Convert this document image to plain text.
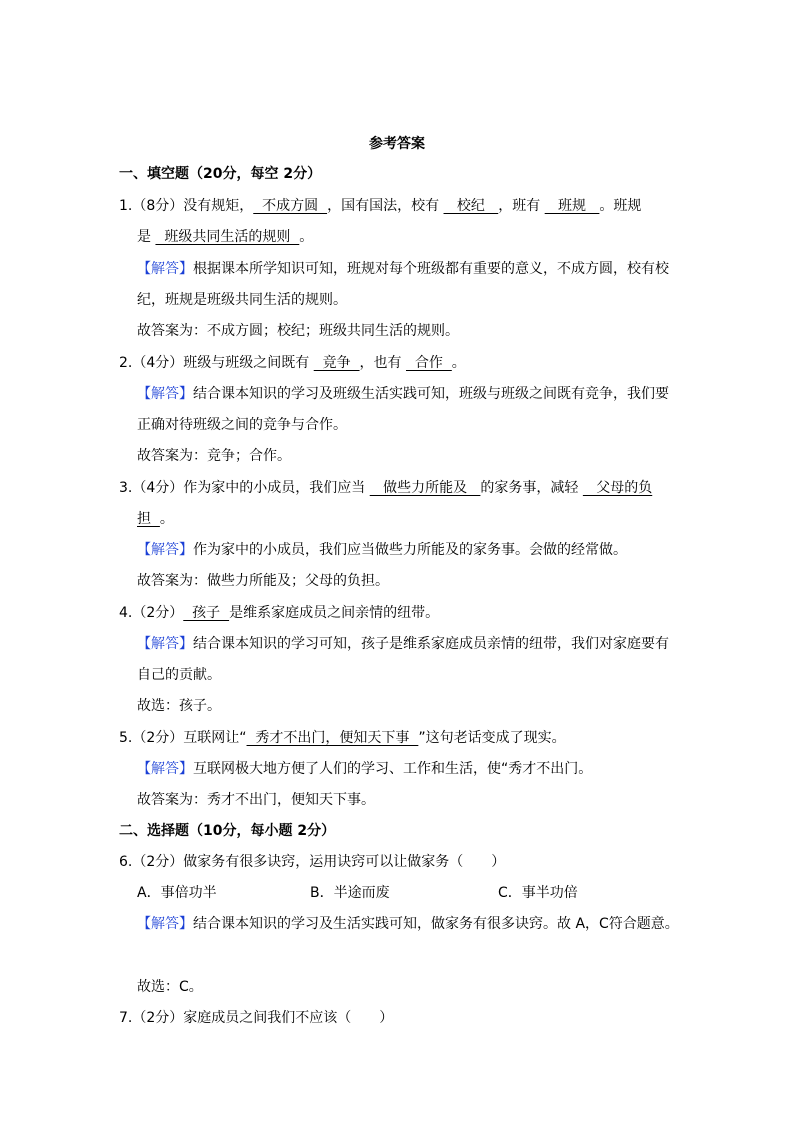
参考答案
一、填空题（20分，每空 2分）
1.（8分）没有规矩，  不成方圆  ，国有国法，校有    校纪   ，班有    班规   。班规
是   班级共同生活的规则  。
【解答】根据课本所学知识可知，班规对每个班级都有重要的意义，不成方圆，校有校
纪，班规是班级共同生活的规则。
故答案为：不成方圆；校纪；班级共同生活的规则。
2.（4分）班级与班级之间既有   竞争  ，也有   合作  。
【解答】结合课本知识的学习及班级生活实践可知，班级与班级之间既有竞争，我们要
正确对待班级之间的竞争与合作。
故答案为：竞争；合作。
3.（4分）作为家中的小成员，我们应当    做些力所能及   的家务事，减轻    父母的负
担  。
【解答】作为家中的小成员，我们应当做些力所能及的家务事。会做的经常做。
故答案为：做些力所能及；父母的负担。
4.（2分）  孩子  是维系家庭成员之间亲情的纽带。
【解答】结合课本知识的学习可知，孩子是维系家庭成员亲情的纽带，我们对家庭要有
自己的贡献。
故选：孩子。
5.（2分）互联网让“  秀才不出门，便知天下事  ”这句老话变成了现实。
【解答】互联网极大地方便了人们的学习、工作和生活，使“秀才不出门。
故答案为：秀才不出门，便知天下事。
二、选择题（10分，每小题 2分）
6.（2分）做家务有很多诀窍，运用诀窍可以让做家务（　　）
A．事倍功半	B．半途而废	C．事半功倍
【解答】结合课本知识的学习及生活实践可知，做家务有很多诀窍。故 A，C符合题意。
故选：C。
7.（2分）家庭成员之间我们不应该（　　）
